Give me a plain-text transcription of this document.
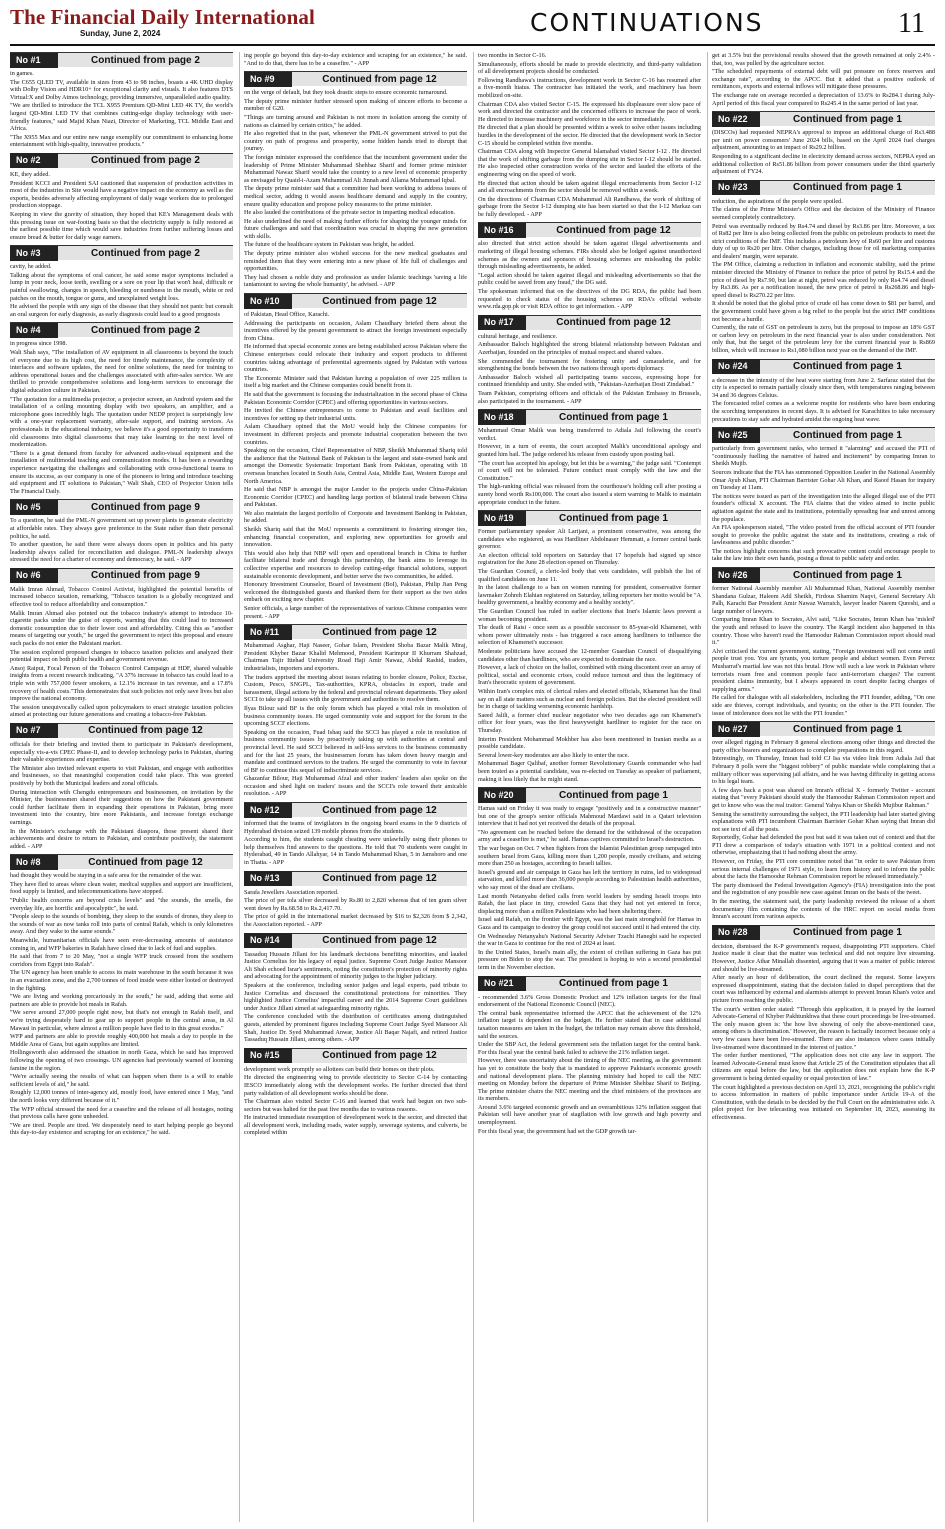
The Financial Daily International
Sunday, June 2, 2024	CONTINUATIONS	11
No #1	Continued from page 2

in games.

The C655 QLED TV, available in sizes from 43 to 98 inches, boasts a 4K UHD display with Dolby Vision and HDR10+ for exceptional clarity and visuals. It also features DTS Virtual:X and Dolby Atmos technology, providing immersive, unparalleled audio quality.

"We are thrilled to introduce the TCL X955 Premium QD-Mini LED 4K TV, the world's largest QD-Mini LED TV that combines cutting-edge display technology with user-friendly features," said Majid Khan Niazi, Director of Marketing, TCL Middle East and Africa.

"The X955 Max and our entire new range exemplify our commitment to enhancing home entertainment with high-quality, innovative products."

No #2	Continued from page 2

KE, they added.

President KCCI and President SAI cautioned that suspension of production activities in most of the industries in Site would have a negative impact on the economy as well as the exports, besides adversely affecting employment of daily wage workers due to prolonged production stoppage.

Keeping in view the gravity of situation, they hoped that KE's Management deals with this pressing issue on war-footing basis so that the electricity supply is fully restored at the earliest possible time which would save industries from further suffering losses and ensure bread & butter for daily wage earners.

No #3	Continued from page 2

cavity, he added.

Talking about the symptoms of oral cancer, he said some major symptoms included a lump in your neck, loose teeth, swelling or a sore on your lip that won't heal, difficult or painful swallowing, changes in speech, bleeding or numbness in the mouth, white or red patches on the mouth, tongue or gums, and unexplained weight loss.

He advised the people with any sign of the disease that they should not panic but consult an oral surgeon for early diagnosis, as early diagnosis could lead to a good prognosis

No #4	Continued from page 2

in progress since 1998.

Wali Shah says, "The installation of AV equipment in all classrooms is beyond the touch of everyone due to its high cost, the need for timely maintenance, the complexity of interfaces and software updates, the need for online solutions, the need for training to address operational issues and the challenges associated with after-sales service. We are thrilled to provide comprehensive solutions and long-term services to encourage the digital education culture in Pakistan.

"The quotation for a multimedia projector, a projector screen, an Android system and the installation of a ceiling mounting display with two speakers, an amplifier, and a microphone goes incredibly high. The quotation under NEDP project is surprisingly low with a one-year replacement warranty, after-sale support, and training services. As professionals in the educational industry, we believe it's a good opportunity to transform old classrooms into digital classrooms that may take learning to the next level of modernization.

"There is a great demand from faculty for advanced audio-visual equipment and the installation of multimodal teaching and communication modes. It has been a rewarding experience navigating the challenges and collaborating with cross-functional teams to ensure its success, as our company is one of the pioneers to bring and introduce teaching aid equipment and IT solutions to Pakistan," Wali Shah, CEO of Projector Union tells The Financial Daily.

No #5	Continued from page 9

To a question, he said the PML-N government set up power plants to generate electricity at affordable rates. They always gave preference to the State rather than their personal politics, he said.

To another question, he said there were always doors open in politics and his party leadership always called for reconciliation and dialogue. PML-N leadership always stressed the need for a charter of economy and democracy, he said. - APP

No #6	Continued from page 9

Malik Imran Ahmad, Tobacco Control Activist, highlighted the potential benefits of increased tobacco taxation, remarking, "Tobacco taxation is a globally recognized and effective tool to reduce affordability and consumption."

Malik Imran Ahmad also pointed out the tobacco industry's attempt to introduce 10-cigarette packs under the guise of exports, warning that this could lead to increased domestic consumption due to their lower cost and affordability. Citing this as "another means of targeting our youth," he urged the government to reject this proposal and ensure such packs do not enter the Pakistani market.

The session explored proposed changes to tobacco taxation policies and analyzed their potential impact on both public health and government revenue.

Ansoj Raiput, Focal Person of the Tobacco Control Campaign at HDF, shared valuable insights from a recent research indicating, "A 37% increase in tobacco tax could lead to a triple win with 757,000 fewer smokers, a 12.1% increase in tax revenue, and a 17.8% recovery of health costs."This demonstrates that such policies not only save lives but also improve the national economy.

The session unequivocally called upon policymakers to enact strategic taxation policies aimed at protecting our future generations and creating a tobacco-free Pakistan.

No #7	Continued from page 12

officials for their briefing and invited them to participate in Pakistan's development, especially vis-a-vis CPEC Phase-II, and to develop technology parks in Pakistan, sharing their valuable experiences and expertise.

The Minister also invited relevant experts to visit Pakistan, and engage with authorities and businesses, so that meaningful cooperation could take place. This was greeted positively by both the Municipal leaders and zonal officials.

During interaction with Chengdu entrepreneurs and businessmen, on invitation by the Minister, the businessmen shared their suggestions on how the Pakistani government could further facilitate them in expanding their operations in Pakistan, bring more investment into the country, hire more Pakistanis, and increase foreign exchange earnings.

In the Minister's exchange with the Pakistani diaspora, those present shared their achievements and desire to return to Pakistan, and contribute positively, the statement added. - APP

No #8	Continued from page 12

had thought they would be staying in a safe area for the remainder of the war.

They have fled to areas where clean water, medical supplies and support are insufficient, food supply is limited, and telecommunications have stopped.

"Public health concerns are beyond crisis levels" and "the sounds, the smells, the everyday life, are horrific and apocalyptic", he said.

"People sleep to the sounds of bombing, they sleep to the sounds of drones, they sleep to the sounds of war as now tanks roll into parts of central Rafah, which is only kilometres away. And they wake to the same sounds."

Meanwhile, humanitarian officials have seen ever-decreasing amounts of assistance coming in, and WFP bakeries in Rafah have closed due to lack of fuel and supplies.

He said that from 7 to 20 May, "not a single WFP truck crossed from the southern corridors from Egypt into Rafah".

The UN agency has been unable to access its main warehouse in the south because it was in an evacuation zone, and the 2,700 tonnes of food inside were either looted or destroyed in the fighting.

"We are living and working precariously in the south," he said, adding that some aid partners are able to provide hot meals in Rafah.

"We serve around 27,000 people right now, but that's not enough in Rafah itself, and we're trying desperately hard to gear up to support people in the central areas, in Al Mawasi in particular, where almost a million people have fled to in this great exodus."

WFP and partners are able to provide roughly 400,000 hot meals a day to people in the Middle Area of Gaza, but again supplies are limited.

Hollingsworth also addressed the situation in north Gaza, which he said has improved following the opening of two crossings. UN agencies had previously warned of looming famine in the region.

"We're actually seeing the results of what can happen when there is a will to enable sufficient levels of aid," he said.

Roughly 12,000 tonnes of inter-agency aid, mostly food, have entered since 1 May, "and the north looks very different because of it."

The WFP official stressed the need for a ceasefire and the release of all hostages, noting that previous calls have gone unheeded.

"We are tired. People are tired. We desperately need to start helping people go beyond this day-to-day existence and scraping for an existence," he said.

ing people go beyond this day-to-day existence and scraping for an existence," he said. "And to do that, there has to be a ceasefire." - APP

No #9	Continued from page 12

on the verge of default, but they took drastic steps to ensure economic turnaround.

The deputy prime minister further stressed upon making of sincere efforts to become a member of G20.

"Things are turning around and Pakistan is not more in isolation among the comity of nations as claimed by certain critics," he added.

He also regretted that in the past, whenever the PML-N government strived to put the country on path of progress and prosperity, some hidden hands tried to disrupt that journey.

The foreign minister expressed the confidence that the incumbent government under the leadership of Prime Minister Muhammad Shehbaz Sharif and former prime minister Muhammad Nawaz Sharif would take the country to a new level of economic prosperity as envisaged by Quaid-i-Azam Muhammad Ali Jinnah and Allama Muhammad Iqbal.

The deputy prime minister said that a committee had been working to address issues of medical sector, adding it would assess healthcare demand and supply in the country, ensure quality education and propose policy measures to the prime minister.

He also lauded the contributions of the private sector in imparting medical education.

He also underlined the need of making further efforts for shaping the younger minds for future challenges and said that coordination was crucial in shaping the new generation with skills.

The future of the healthcare system in Pakistan was bright, he added.

The deputy prime minister also wished success for the new medical graduates and reminded them that they were entering into a new phase of life full of challenges and opportunities.

They had chosen a noble duty and profession as under Islamic teachings 'saving a life tantamount to saving the whole humanity', he advised. - APP

No #10	Continued from page 12

of Pakistan, Head Office, Karachi.

Addressing the participants on occasion, Aslam Chaudhary briefed them about the incentives offered by the present government to attract the foreign investment especially from China.

He informed that special economic zones are being established across Pakistan where the Chinese enterprises could relocate their industry and export products to different countries taking advantage of preferential agreements signed by Pakistan with various countries.

The Economic Minister said that Pakistan having a population of over 225 million is itself a big market and the Chinese companies could benefit from it.

He said that the government is focusing the industrialization in the second phase of China Pakistan Economic Corridor (CPEC) and offering opportunities in various sectors.

He invited the Chinese entrepreneurs to come to Pakistan and avail facilities and incentives for setting up their industrial units.

Aslam Chaudhary opined that the MoU would help the Chinese companies for investment in different projects and promote industrial cooperation between the two countries.

Speaking on the occasion, Chief Representative of NBP, Sheikh Muhammad Shariq told the audience that the National Bank of Pakistan is the largest and state-owned bank and amongst the Domestic Systematic Important Bank from Pakistan, operating with 18 overseas branches located in South Asia, Central Asia, Middle East, Western Europe and North America.

He said that NBP is amongst the major Lender to the projects under China-Pakistan Economic Corridor (CPEC) and handling large portion of bilateral trade between China and Pakistan.

We also maintain the largest portfolio of Corporate and Investment Banking in Pakistan, he added.

Sheikh Shariq said that the MoU represents a commitment to fostering stronger ties, enhancing financial cooperation, and exploring new opportunities for growth and innovation.

This would also help that NBP will open and operational branch in China to further facilitate bilateral trade and through this partnership, the bank aims to leverage its collective expertise and resources to develop cutting-edge financial solutions, support sustainable economic development, and better serve the two communities, he added.

Honorary Investment Counselor, Board of Investment (BoI), Pakistan, Philip Jian Peng welcomed the distinguished guests and thanked them for their support as the two sides embark on exciting new chapter.

Senior officials, a large number of the representatives of various Chinese companies were present. - APP

No #11	Continued from page 12

Muhammad Asghar, Haji Naseer, Gohar Islam, President Shoba Bazar Malik Miraj, President Khyber Bazar Khalid Mehmood, President Karimpur II Khurram Shahzad, Chairman Tajir Ittehad University Road Haji Amir Nawaz, Abdul Rashid, traders, industrialists, importers and exporters.

The traders apprised the meeting about issues relating to border closure, Police, Excise, Custom, Pesco, SNGPL, Tax-authorities, KPRA, obstacles in export, trade and harassment, illegal actions by the federal and provincial relevant departments. They asked SCCI to take up all issues with the government and authorities to resolve them.

Ilyas Bilour said BF is the only forum which has played a vital role in resolution of business community issues. He urged community vote and support for the forum in the upcoming SCCI' elections.

Speaking on the occasion, Fuad Ishaq said the SCCI has played a role in resolution of business community issues by proactively taking up with authorities at central and provincial level. He said SCCI believed in self-less services to the business community and for the last 25 years, the businessmen forum has taken down heavy margin and mandate and continued services to the traders. He urged the community to vote in favour of BF to continue this sequel of indiscriminate services.

Ghazanfar Bilour, Haji Muhammad Afzal and other traders' leaders also spoke on the occasion and shed light on traders' issues and the SCCI's role toward their amicable resolution. - APP

No #12	Continued from page 12

informed that the teams of invigilators in the ongoing board exams in the 9 districts of Hyderabad division seized 139 mobile phones from the students.

According to him, the students caught cheating were unlawfully using their phones to help themselves find answers to the questions. He told that 70 students were caught in Hyderabad, 49 in Tando Allahyar, 14 in Tando Muhammad Khan, 5 in Jamshoro and one in Thatta. - APP

No #13	Continued from page 12

Sarafa Jewellers Association reported.

The price of per tola silver decreased by Rs.80 to 2,820 whereas that of ten gram silver went down by Rs.68.58 to Rs.2,417.70.

The price of gold in the international market decreased by $16 to $2,326 from $ 2,342, the Association reported. - APP

No #14	Continued from page 12

Tassaduq Hussain Jillani for his landmark decisions benefiting minorities, and lauded Justice Cornelius for his legacy of equal justice. Supreme Court Judge Justice Mansoor Ali Shah echoed Israr's sentiments, noting the constitution's protection of minority rights and advocating for the appointment of minority judges to the higher judiciary.

Speakers at the conference, including senior judges and legal experts, paid tribute to Justice Cornelius and discussed the constitutional protections for minorities. They highlighted Justice Cornelius' impactful career and the 2014 Supreme Court guidelines under Justice Jillani aimed at safeguarding minority rights.

The conference concluded with the distribution of certificates among distinguished guests, attended by prominent figures including Supreme Court Judge Syed Mansoor Ali Shah, Justice Dr. Syed Muhammad Anwar, Justice Ali Baqar Najafi, and retired Justice Tassaduq Hussain Jillani, among others. - APP

No #15	Continued from page 12

development work promptly so allottees can build their homes on their plots.

He directed the engineering wing to provide electricity to Sector C-14 by contacting IESCO immediately along with the development works. He further directed that third party validation of all development works should be done.

The Chairman also visited Sector C-16 and learned that work had begun on two sub-sectors but was halted for the past five months due to various reasons.

He instructed immediate resumption of development work in the sector, and directed that all development work, including roads, water supply, sewerage systems, and culverts, be completed within

two months in Sector C-16.

Simultaneously, efforts should be made to provide electricity, and third-party validation of all development projects should be conducted.

Following Randhawa's instructions, development work in Sector C-16 has resumed after a five-month hiatus. The contractor has initiated the work, and machinery has been mobilized on-site.

Chairman CDA also visited Sector C-15. He expressed his displeasure over slow pace of work and directed the contractor and the concerned officers to increase the pace of work. He directed to increase machinery and workforce in the sector immediately.

He directed that a plan should be presented within a week to solve other issues including hurdles in the development of the sector. He directed that the development work in Sector C-15 should be completed within five months.

Chairman CDA along with Inspector General Islamabad visited Sector I-12 . He directed that the work of shifting garbage from the dumping site in Sector I-12 should be started. He also inspected other construction works of the sector and lauded the efforts of the engineering wing on the speed of work.

He directed that action should be taken against illegal encroachments from Sector I-12 and all encroachments from the sector should be removed within a week.

On the directions of Chairman CDA Muhammad Ali Randhawa, the work of shifting of garbage from the Sector I-12 dumping site has been started so that the I-12 Markaz can be fully developed. - APP

No #16	Continued from page 12

also directed that strict action should be taken against illegal advertisements and marketing of illegal housing schemes. FIRs should also be lodged against unauthorized schemes as the owners and sponsors of housing schemes are misleading the public through misleading advertisements, he added.

"Legal action should be taken against illegal and misleading advertisements so that the public could be saved from any fraud," the DG said.

The spokesman informed that on the directives of the DG RDA, the public had been requested to check status of the housing schemes on RDA's official website www.rda.gop.pk or visit RDA office to get information. - APP

No #17	Continued from page 12

cultural heritage, and resilience.

Ambassador Baloch highlighted the strong bilateral relationship between Pakistan and Azerbaijan, founded on the principles of mutual respect and shared values.

She commended the tournament for fostering unity and camaraderie, and for strengthening the bonds between the two nations through sports diplomacy.

Ambassador Baloch wished all participating teams success, expressing hope for continued friendship and unity. She ended with, "Pakistan-Azerbaijan Dosti Zindabad."

Team Pakistan, comprising officers and officials of the Pakistan Embassy in Brussels, also participated in the tournament. - APP

No #18	Continued from page 1

Muhammad Omar Malik was being transferred to Adiala Jail following the court's verdict.

However, in a turn of events, the court accepted Malik's unconditional apology and granted him bail. The judge ordered his release from custody upon posting bail.

"The court has accepted his apology, but let this be a warning," the judge said. "Contempt of court will not be tolerated. Future conduct must comply with the law and the Constitution."

The high-ranking official was released from the courthouse's holding cell after posting a surety bond worth Rs100,000. The court also issued a stern warning to Malik to maintain appropriate conduct in the future.

No #19	Continued from page 1

Former parliamentary speaker Ali Larijani, a prominent conservative, was among the candidates who registered, as was Hardliner Abdolnaser Hemmati, a former central bank governor.

An election official told reporters on Saturday that 17 hopefuls had signed up since registration for the June 28 election opened on Thursday.

The Guardian Council, a cleric-led body that vets candidates, will publish the list of qualified candidates on June 11.

In the latest challenge to a ban on women running for president, conservative former lawmaker Zohreh Elahian registered on Saturday, telling reporters her motto would be "A healthy government, a healthy economy and a healthy society".

The Guardian Council has ruled in earlier elections that Iran's Islamic laws prevent a woman becoming president.

The death of Raisi - once seen as a possible successor to 85-year-old Khamenei, with whom power ultimately rests - has triggered a race among hardliners to influence the selection of Khamenei's successor.

Moderate politicians have accused the 12-member Guardian Council of disqualifying candidates other than hardliners, who are expected to dominate the race.

However, a lack of choice on the ballot, combined with rising discontent over an array of political, social and economic crises, could reduce turnout and thus the legitimacy of Iran's theocratic system of government.

Within Iran's complex mix of clerical rulers and elected officials, Khamenei has the final say on all state matters such as nuclear and foreign policies. But the elected president will be in charge of tackling worsening economic hardship.

Saeed Jalili, a former chief nuclear negotiator who two decades ago ran Khamenei's office for four years, was the first heavyweight hardliner to register for the race on Thursday.

Interim President Mohammad Mokhber has also been mentioned in Iranian media as a possible candidate.

Several lower-key moderates are also likely to enter the race.

Mohammad Bager Qalibaf, another former Revolutionary Guards commander who had been touted as a potential candidate, was re-elected on Tuesday as speaker of parliament, making it less likely that he might stand.

No #20	Continued from page 1

Hamas said on Friday it was ready to engage "positively and in a constructive manner" but one of the group's senior officials Mahmoud Mardawi said in a Qatari television interview that it had not yet received the details of the proposal.

"No agreement can be reached before the demand for the withdrawal of the occupation army and a ceasefire is met," he said. Hamas captives committed to Israel's destruction.

The war began on Oct. 7 when fighters from the Islamist Palestinian group rampaged into southern Israel from Gaza, killing more than 1,200 people, mostly civilians, and seizing more than 250 as hostages, according to Israeli tallies.

Israel's ground and air campaign in Gaza has left the territory in ruins, led to widespread starvation, and killed more than 36,000 people according to Palestinian health authorities, who say most of the dead are civilians.

Last month Netanyahu defied calls from world leaders by sending Israeli troops into Rafah, the last place in tiny, crowded Gaza that they had not yet entered in force, displacing more than a million Palestinians who had been sheltering there.

Israel said Rafah, on the frontier with Egypt, was the last main stronghold for Hamas in Gaza and its campaign to destroy the group could not succeed until it had entered the city.

On Wednesday Netanyahu's National Security Adviser Tzachi Hanegbi said he expected the war in Gaza to continue for the rest of 2024 at least.

In the United States, Israel's main ally, the extent of civilian suffering in Gaza has put pressure on Biden to stop the war. The president is hoping to win a second presidential term in the November election.

No #21	Continued from page 1

- recommended 3.6% Gross Domestic Product and 12% inflation targets for the final endorsement of the National Economic Council (NEC).

The central bank representative informed the APCC that the achievement of the 12% inflation target is dependent on the budget. He further stated that in case additional taxation measures are taken in the budget, the inflation may remain above this threshold, said the sources.

Under the SBP Act, the federal government sets the inflation target for the central bank. For this fiscal year the central bank failed to achieve the 21% inflation target.

However, there was uncertainty about the timing of the NEC meeting, as the government has yet to constitute the body that is mandated to approve Pakistan's economic growth and national development plans. The planning ministry had hoped to call the NEC meeting on Monday before the departure of Prime Minister Shehbaz Sharif to Beijing. The prime minister chairs the NEC meeting and the chief ministers of the provinces are its members.

Around 3.6% targeted economic growth and an overambitious 12% inflation suggest that Pakistan will have another year of stagflation with low growth and high poverty and unemployment.

For this fiscal year, the government had set the GDP growth tar-

get at 3.5% but the provisional results showed that the growth remained at only 2.4% - that, too, was pulled by the agriculture sector.

"The scheduled repayments of external debt will put pressure on forex reserves and exchange rate", according to the APCC. But it added that a positive outlook of remittances, exports and external inflows will mitigate these pressures.

The exchange rate on average recorded a depreciation of 13.6% to Rs284.1 during July-April period of this fiscal year compared to Rs245.4 in the same period of last year.

No #22	Continued from page 1

(DISCOs) had requested NEPRA's approval to impose an additional charge of Rs3.488 per unit on power consumers' June 2024 bills, based on the April 2024 fuel charges adjustment, amounting to an impact of Rs29.2 billion.

Responding to a significant decline in electricity demand across sectors, NEPRA eyed an additional collection of Rs51.86 billion from power consumers under the third quarterly adjustment of FY24.

No #23	Continued from page 1

reduction, the aspirations of the people were spoiled.

The claims of the Prime Minister's Office and the decision of the Ministry of Finance seemed completely contradictory.

Petrol was eventually reduced by Rs4.74 and diesel by Rs3.86 per litre. Moreover, a tax of Rs82 per litre is also being collected from the public on petroleum products to meet the strict conditions of the IMF. This includes a petroleum levy of Rs60 per litre and customs duty of up to Rs20 per litre. Other charges, including those for oil marketing companies and dealers' margin, were separate.

The PM Office, claiming a reduction in inflation and economic stability, said the prime minister directed the Ministry of Finance to reduce the price of petrol by Rs15.4 and the price of diesel by Rs7.90, but late at night, petrol was reduced by only Rs4.74 and diesel by Rs3.86. As per a notification issued, the new price of petrol is Rs268.86 and high-speed diesel is Rs270.22 per litre.

It should be noted that the global price of crude oil has come down to $81 per barrel, and the government could have given a big relief to the people but the strict IMF conditions not become a hurdle.

Currently, the rate of GST on petroleum is zero, but the proposal to impose an 18% GST or carbon levy on petroleum in the next financial year is also under consideration. Not only that, but the target of the petroleum levy for the current financial year is Rs869 billion, which will increase to Rs1,080 billion next year on the demand of the IMF.

No #24	Continued from page 1

a decrease in the intensity of the heat wave starting from June 2. Sarfaraz stated that the city is expected to remain partially cloudy since then, with temperatures ranging between 34 and 36 degrees Celsius.

The forecasted relief comes as a welcome respite for residents who have been enduring the scorching temperatures in recent days. It is advised for Karachiites to take necessary precautions to stay safe and hydrated amidst the ongoing heat wave.

No #25	Continued from page 1

particularly from government ranks, who termed it "alarming" and accused the PTI of "continuously fuelling the narrative of hatred and incitement" by comparing Imran to Sheikh Mujib.

Sources indicate that the FIA has summoned Opposition Leader in the National Assembly Omar Ayub Khan, PTI Chairman Barrister Gohar Ali Khan, and Raoof Hasan for inquiry on Tuesday at 11am.

The notices were issued as part of the investigation into the alleged illegal use of the PTI founder's official X account. The FIA claims that the video aimed to incite public agitation against the state and its institutions, potentially spreading fear and unrest among the populace.

An FIA spokesperson stated, "The video posted from the official account of PTI founder sought to provoke the public against the state and its institutions, creating a risk of lawlessness and public disorder."

The notices highlight concerns that such provocative content could encourage people to take the law into their own hands, posing a threat to public safety and order.

No #26	Continued from page 1

former National Assembly member Ali Muhammad Khan, National Assembly member Shandana Gulzar, Haleem Adil Sheikh, Firdous Shamim Naqvi, General Secretary Ali Palh, Karachi Bar President Amir Nawaz Warraich, lawyer leader Naeem Qureshi, and a large number of lawyers.

Comparing Imran Khan to Socrates, Alvi said, "Like Socrates, Imran Khan has 'misled' the youth and refused to leave the country. The Kargil incident also happened in this country. Those who haven't read the Hamoodur Rahman Commission report should read it."

Alvi criticised the current government, stating, "Foreign investment will not come until people trust you. You are tyrants, you torture people and abduct women. Even Pervez Musharraf's martial law was not this brutal. How will such a law work in Pakistan where terrorists roam free and common people face anti-terrorism charges? The current president claims immunity, but I always appeared in court despite facing charges of supplying arms."

He called for dialogue with all stakeholders, including the PTI founder, adding, "On one side are thieves, corrupt individuals, and tyrants; on the other is the PTI founder. The issue of intolerance does not lie with the PTI founder."

No #27	Continued from page 1

over alleged rigging in February 8 general elections among other things and directed the party office bearers and organizations to complete preparations in this regard.

Interestingly, on Thursday, Imran had told CJ Isa via video link from Adiala Jail that February 8 polls were the "biggest robbery" of public mandate while complaining that a military officer was supervising jail affairs, and he was having difficulty in getting access to his legal team.

A few days back a post was shared on Imran's official X - formerly Twitter - account stating that "every Pakistani should study the Hamoodur Rahman Commission report and get to know who was the real traitor: General Yahya Khan or Sheikh Mujibur Rahman."

Sensing the sensitivity surrounding the subject, the PTI leadership had later started giving explanations with PTI incumbent Chairman Barrister Gohar Khan saying that Imran did not see text of all the posts.

Reportedly, Gohar had defended the post but said it was taken out of context and that the PTI drew a comparison of today's situation with 1971 in a political context and not otherwise, emphasizing that it had nothing about the army.

However, on Friday, the PTI core committee noted that "in order to save Pakistan from serious internal challenges of 1971 style, to learn from history and to inform the public about the facts the Hamoodur Rehman Commission report be released immediately."

The party dismissed the Federal Investigation Agency's (FIA) investigation into the post and the registration of any possible new case against Imran on the basis of the tweet.

In the meeting, the statement said, the party leadership reviewed the release of a short documentary film containing the contents of the HRC report on social media from Imran's account from various aspects.

No #28	Continued from page 1

decision, dismissed the K-P government's request, disappointing PTI supporters. Chief Justice made it clear that the matter was technical and did not require live streaming. However, Justice Athar Minallah dissented, arguing that it was a matter of public interest and should be live-streamed.

After nearly an hour of deliberation, the court declined the request. Some lawyers expressed disappointment, stating that the decision failed to dispel perceptions that the court was influenced by external and alarmists attempt to prevent Imran Khan's voice and picture from reaching the public.

The court's written order stated: "Through this application, it is prayed by the learned Advocate-General of Khyber Pakhtunkhwa that these court proceedings be live-streamed. The only reason given is: 'the how live showing of only the above-mentioned case, among others is discrimination.' However, the reason is factually incorrect because only a very few cases have been live-streamed. There are also instances where cases initially live-streamed were discontinued in the interest of justice."

The order further mentioned, "The application does not cite any law in support. The learned Advocate-General must know that Article 25 of the Constitution stipulates that all citizens are equal before the law, but the application does not explain how the K-P government is being denied equality or equal protection of law."

The court highlighted a previous decision on April 13, 2021, recognising the public's right to access information in matters of public importance under Article 19-A of the Constitution, with the details to be decided by the Full Court on the administrative side. A pilot project for live telecasting was initiated on September 18, 2023, assessing its effectiveness.
